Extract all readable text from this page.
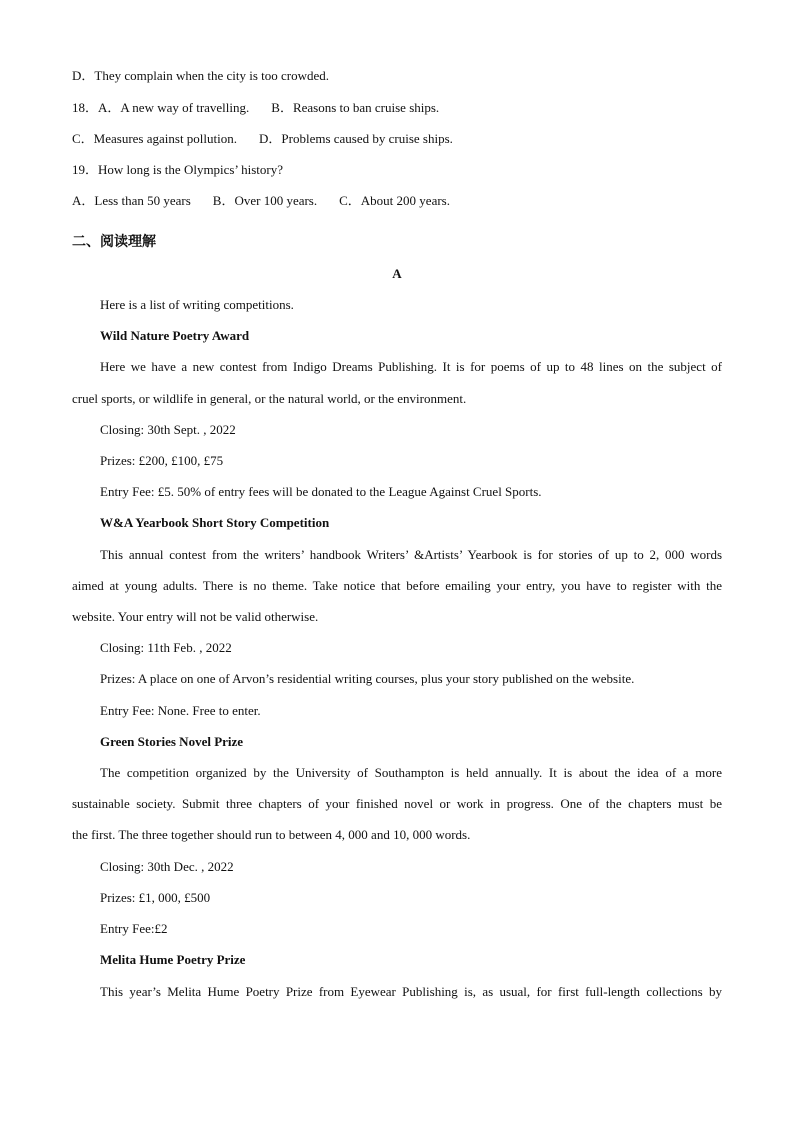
D．They complain when the city is too crowded.
18．A．A new way of travelling. B．Reasons to ban cruise ships.
C．Measures against pollution. D．Problems caused by cruise ships.
19．How long is the Olympics’ history?
A．Less than 50 years B．Over 100 years. C．About 200 years.
二、阅读理解
A
Here is a list of writing competitions.
Wild Nature Poetry Award
Here we have a new contest from Indigo Dreams Publishing. It is for poems of up to 48 lines on the subject of
cruel sports, or wildlife in general, or the natural world, or the environment.
Closing: 30th Sept. , 2022
Prizes: £200, £100, £75
Entry Fee: £5. 50% of entry fees will be donated to the League Against Cruel Sports.
W&A Yearbook Short Story Competition
This annual contest from the writers’ handbook Writers’ &Artists’ Yearbook is for stories of up to 2, 000 words
aimed at young adults. There is no theme. Take notice that before emailing your entry, you have to register with the
website. Your entry will not be valid otherwise.
Closing: 11th Feb. , 2022
Prizes: A place on one of Arvon’s residential writing courses, plus your story published on the website.
Entry Fee: None. Free to enter.
Green Stories Novel Prize
The competition organized by the University of Southampton is held annually. It is about the idea of a more
sustainable society. Submit three chapters of your finished novel or work in progress. One of the chapters must be
the first. The three together should run to between 4, 000 and 10, 000 words.
Closing: 30th Dec. , 2022
Prizes: £1, 000, £500
Entry Fee:£2
Melita Hume Poetry Prize
This year’s Melita Hume Poetry Prize from Eyewear Publishing is, as usual, for first full-length collections by
